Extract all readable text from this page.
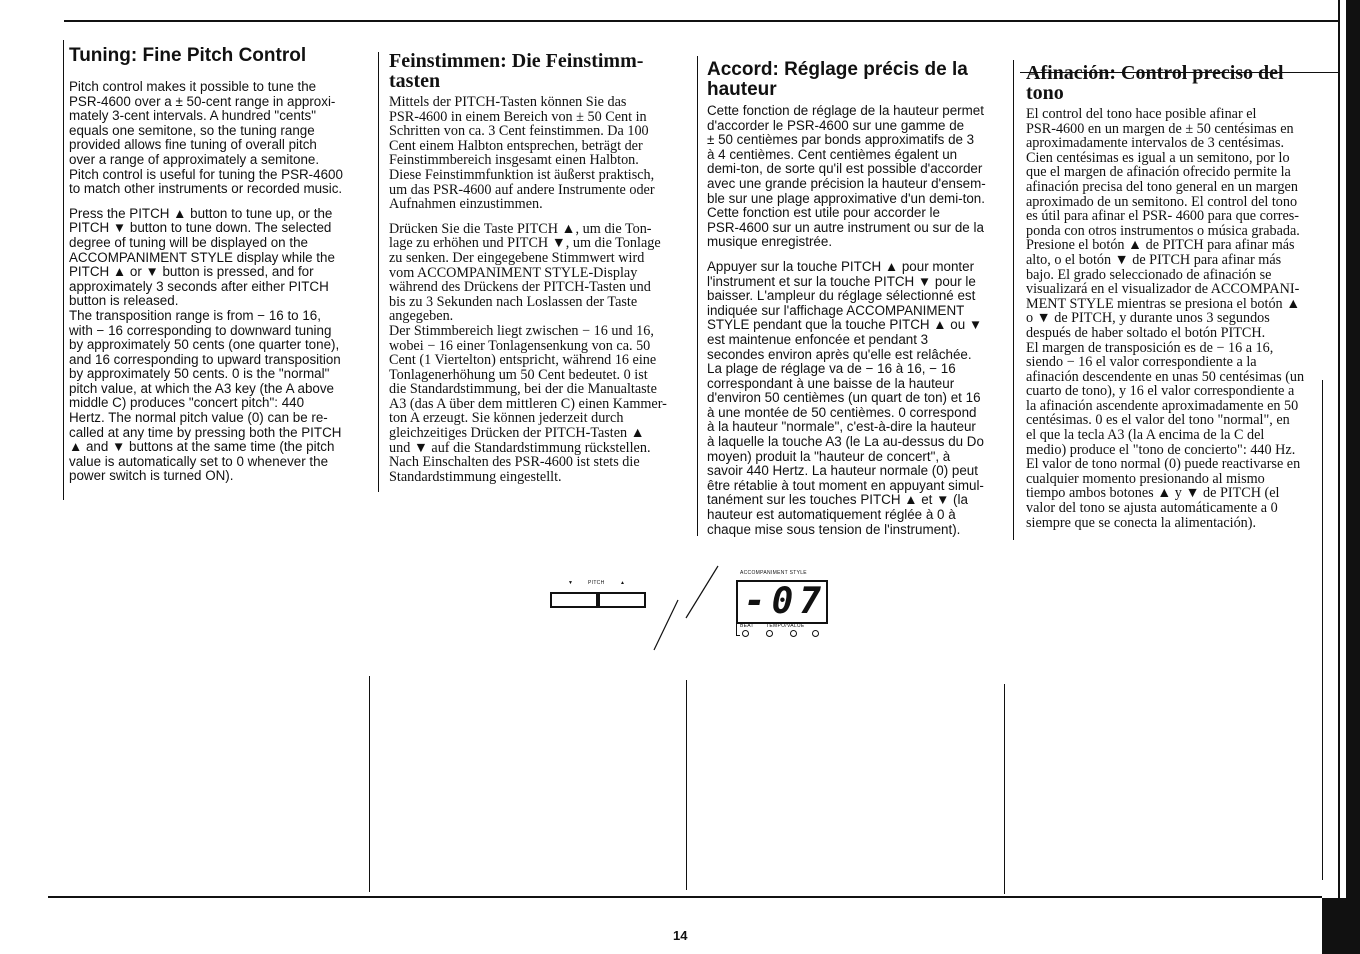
Tuning: Fine Pitch Control

Pitch control makes it possible to tune the
PSR-4600 over a ± 50-cent range in approxi-
mately 3-cent intervals. A hundred "cents"
equals one semitone, so the tuning range
provided allows fine tuning of overall pitch
over a range of approximately a semitone.
Pitch control is useful for tuning the PSR-4600
to match other instruments or recorded music.

Press the PITCH ▲ button to tune up, or the
PITCH ▼ button to tune down. The selected
degree of tuning will be displayed on the
ACCOMPANIMENT STYLE display while the
PITCH ▲ or ▼ button is pressed, and for
approximately 3 seconds after either PITCH
button is released.
The transposition range is from − 16 to 16,
with − 16 corresponding to downward tuning
by approximately 50 cents (one quarter tone),
and 16 corresponding to upward transposition
by approximately 50 cents. 0 is the "normal"
pitch value, at which the A3 key (the A above
middle C) produces "concert pitch": 440
Hertz. The normal pitch value (0) can be re-
called at any time by pressing both the PITCH
▲ and ▼ buttons at the same time (the pitch
value is automatically set to 0 whenever the
power switch is turned ON).

Feinstimmen: Die Feinstimm-
tasten

Mittels der PITCH-Tasten können Sie das
PSR-4600 in einem Bereich von ± 50 Cent in
Schritten von ca. 3 Cent feinstimmen. Da 100
Cent einem Halbton entsprechen, beträgt der
Feinstimmbereich insgesamt einen Halbton.
Diese Feinstimmfunktion ist äußerst praktisch,
um das PSR-4600 auf andere Instrumente oder
Aufnahmen einzustimmen.

Drücken Sie die Taste PITCH ▲, um die Ton-
lage zu erhöhen und PITCH ▼, um die Tonlage
zu senken. Der eingegebene Stimmwert wird
vom ACCOMPANIMENT STYLE-Display
während des Drückens der PITCH-Tasten und
bis zu 3 Sekunden nach Loslassen der Taste
angegeben.
Der Stimmbereich liegt zwischen − 16 und 16,
wobei − 16 einer Tonlagensenkung von ca. 50
Cent (1 Viertelton) entspricht, während 16 eine
Tonlagenerhöhung um 50 Cent bedeutet. 0 ist
die Standardstimmung, bei der die Manualtaste
A3 (das A über dem mittleren C) einen Kammer-
ton A erzeugt. Sie können jederzeit durch
gleichzeitiges Drücken der PITCH-Tasten ▲
und ▼ auf die Standardstimmung rückstellen.
Nach Einschalten des PSR-4600 ist stets die
Standardstimmung eingestellt.

Accord: Réglage précis de la
hauteur

Cette fonction de réglage de la hauteur permet
d'accorder le PSR-4600 sur une gamme de
± 50 centièmes par bonds approximatifs de 3
à 4 centièmes. Cent centièmes égalent un
demi-ton, de sorte qu'il est possible d'accorder
avec une grande précision la hauteur d'ensem-
ble sur une plage approximative d'un demi-ton.
Cette fonction est utile pour accorder le
PSR-4600 sur un autre instrument ou sur de la
musique enregistrée.

Appuyer sur la touche PITCH ▲ pour monter
l'instrument et sur la touche PITCH ▼ pour le
baisser. L'ampleur du réglage sélectionné est
indiquée sur l'affichage ACCOMPANIMENT
STYLE pendant que la touche PITCH ▲ ou ▼
est maintenue enfoncée et pendant 3
secondes environ après qu'elle est relâchée.
La plage de réglage va de − 16 à 16, − 16
correspondant à une baisse de la hauteur
d'environ 50 centièmes (un quart de ton) et 16
à une montée de 50 centièmes. 0 correspond
à la hauteur "normale", c'est-à-dire la hauteur
à laquelle la touche A3 (le La au-dessus du Do
moyen) produit la "hauteur de concert", à
savoir 440 Hertz. La hauteur normale (0) peut
être rétablie à tout moment en appuyant simul-
tanément sur les touches PITCH ▲ et ▼ (la
hauteur est automatiquement réglée à 0 à
chaque mise sous tension de l'instrument).

Afinación: Control preciso del
tono

El control del tono hace posible afinar el
PSR-4600 en un margen de ± 50 centésimas en
aproximadamente intervalos de 3 centésimas.
Cien centésimas es igual a un semitono, por lo
que el margen de afinación ofrecido permite la
afinación precisa del tono general en un margen
aproximado de un semitono. El control del tono
es útil para afinar el PSR- 4600 para que corres-
ponda con otros instrumentos o música grabada.
Presione el botón ▲ de PITCH para afinar más
alto, o el botón ▼ de PITCH para afinar más
bajo. El grado seleccionado de afinación se
visualizará en el visualizador de ACCOMPANI-
MENT STYLE mientras se presiona el botón ▲
o ▼ de PITCH, y durante unos 3 segundos
después de haber soltado el botón PITCH.
El margen de transposición es de − 16 a 16,
siendo − 16 el valor correspondiente a la
afinación descendente en unas 50 centésimas (un
cuarto de tono), y 16 el valor correspondiente a
la afinación ascendente aproximadamente en 50
centésimas. 0 es el valor del tono "normal", en
el que la tecla A3 (la A encima de la C del
medio) produce el "tono de concierto": 440 Hz.
El valor de tono normal (0) puede reactivarse en
cualquier momento presionando al mismo
tiempo ambos botones ▲ y ▼ de PITCH (el
valor del tono se ajusta automáticamente a 0
siempre que se conecta la alimentación).

▼	PITCH	▲
ACCOMPANIMENT STYLE
-07
BEAT TEMPO/VALUE
14
